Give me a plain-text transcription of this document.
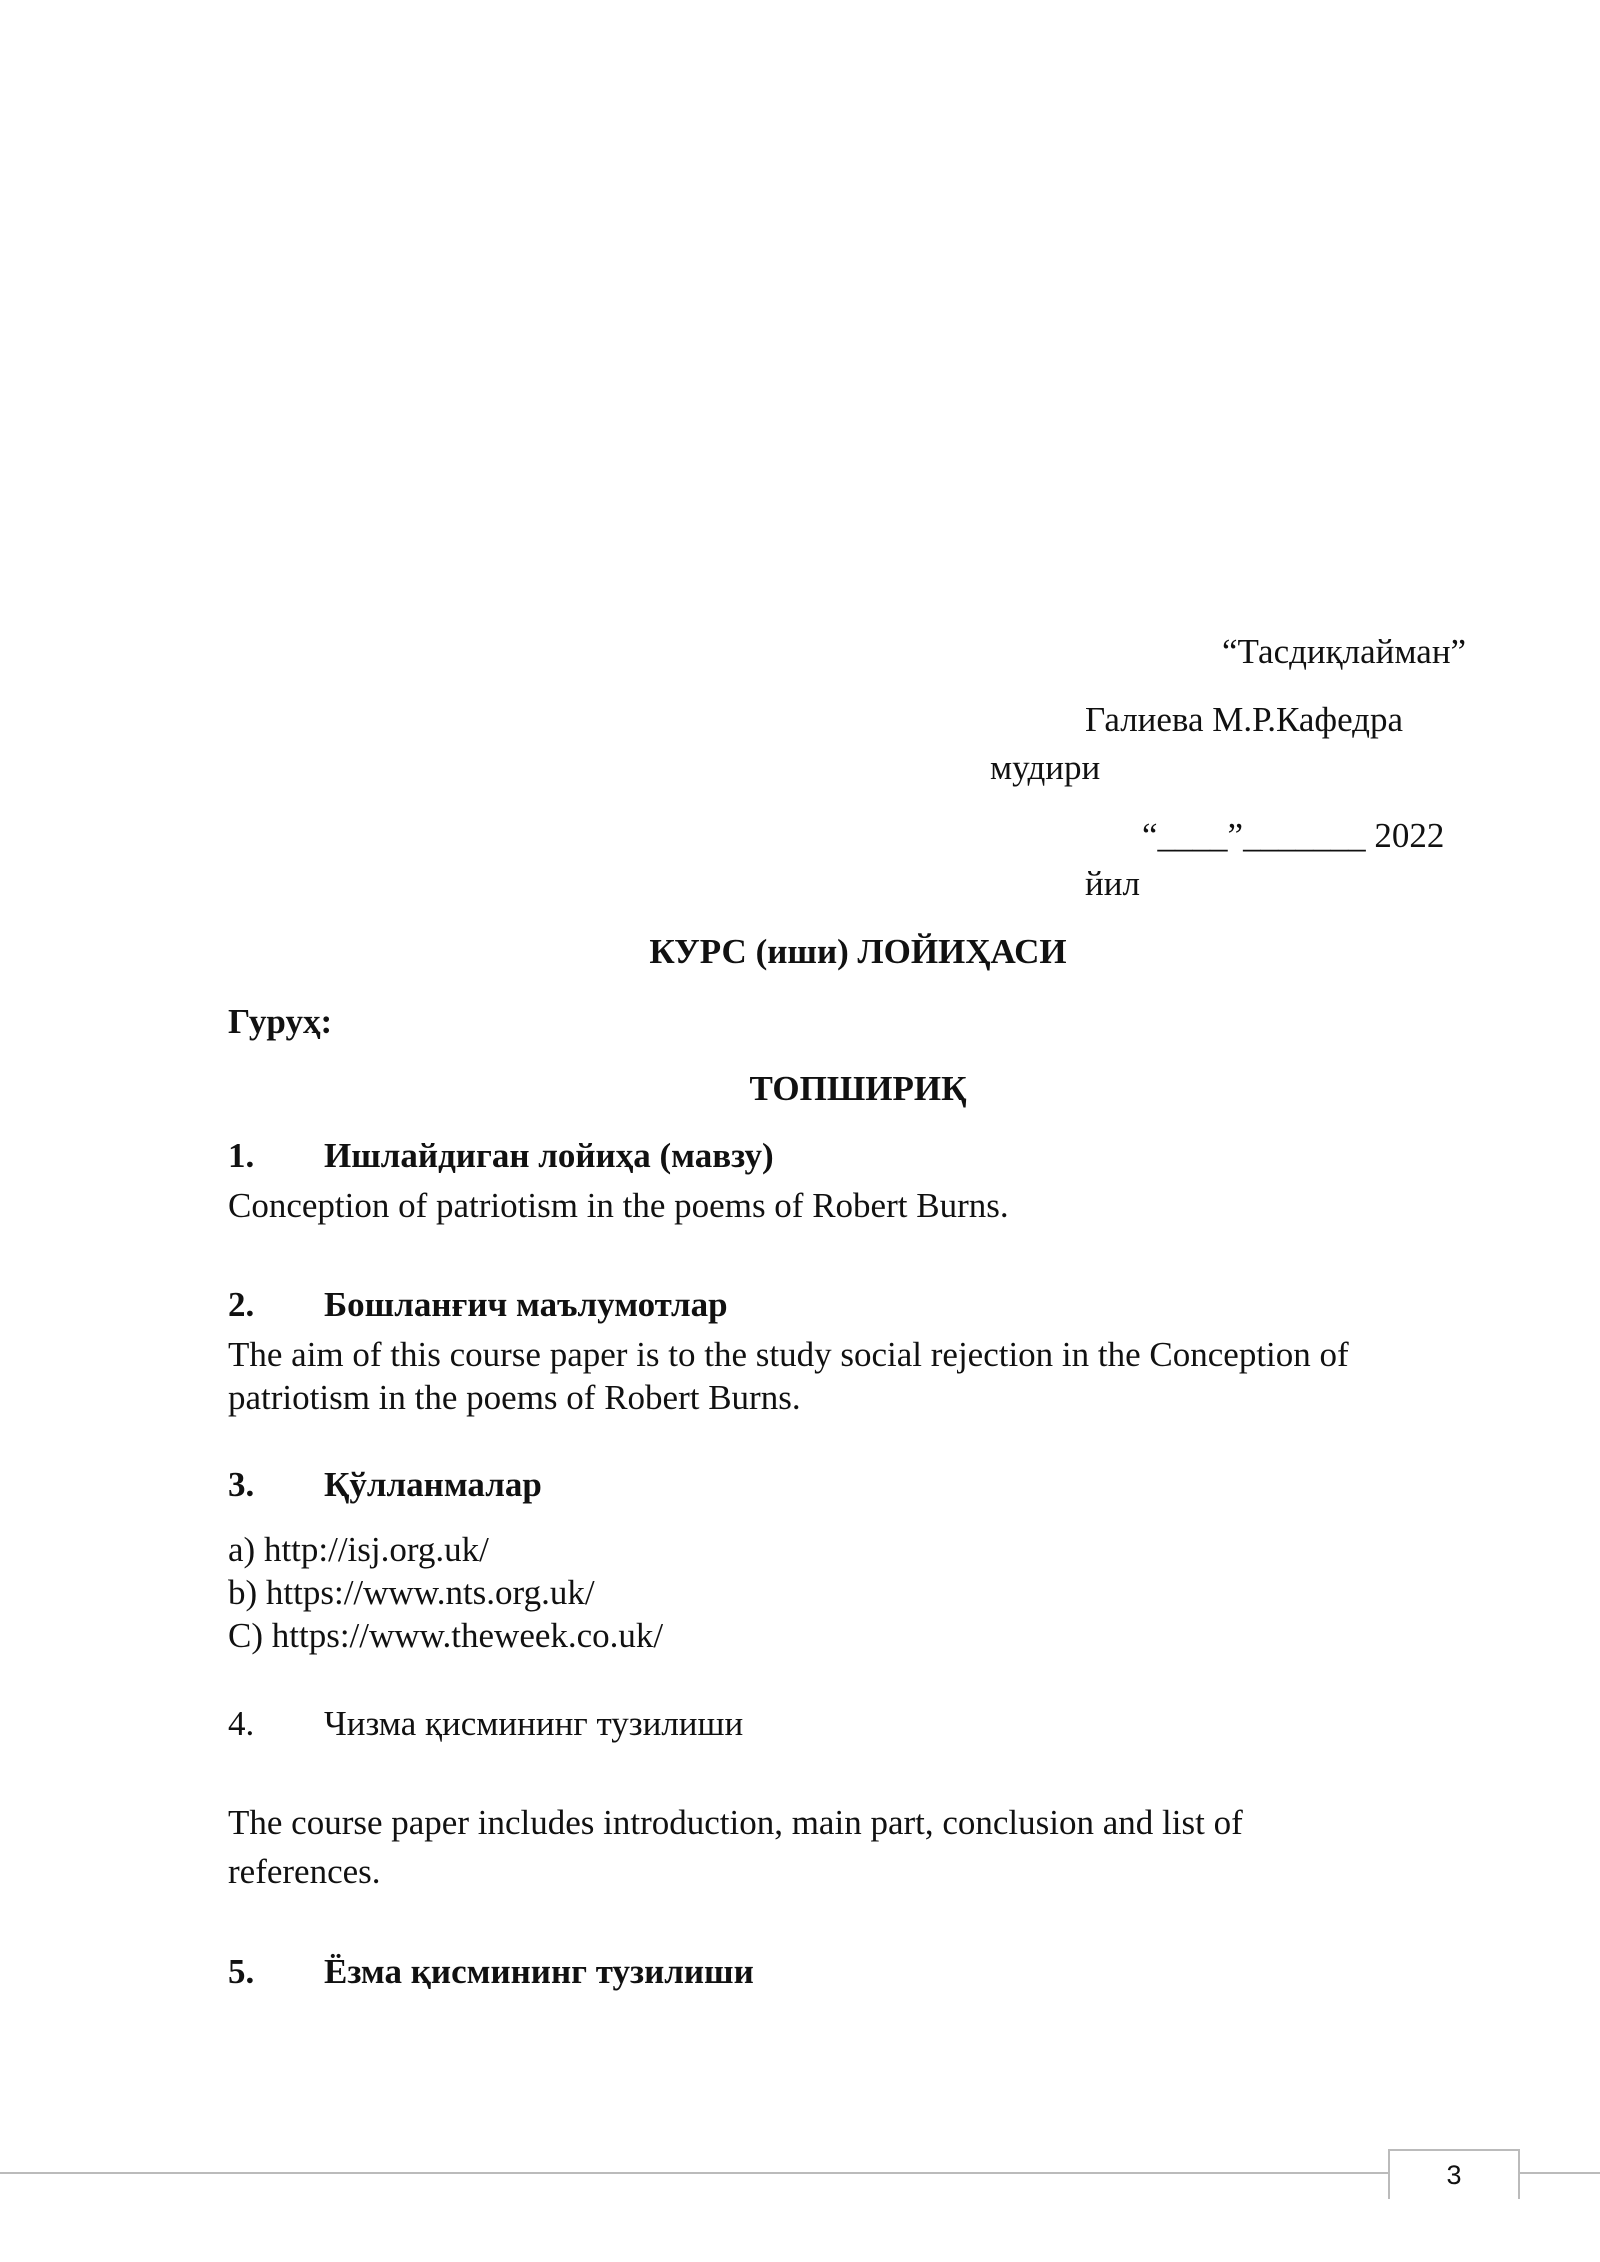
“Тасдиқлайман”
Галиева М.Р.Кафедра
мудири
“____”_______ 2022
йил
КУРС (иши) ЛОЙИҲАСИ
Гуруҳ:
ТОПШИРИҚ
1. Ишлайдиган лойиҳа (мавзу)
Conception of patriotism in the poems of Robert Burns.
2. Бошланғич маълумотлар
The aim of this course paper is to the study social rejection in the Conception of
patriotism in the poems of Robert Burns.
3. Қўлланмалар
a) http://isj.org.uk/
b) https://www.nts.org.uk/
C) https://www.theweek.co.uk/
4. Чизма қисмининг тузилиши
The course paper includes introduction, main part, conclusion and list of
references.
5. Ёзма қисмининг тузилиши
3
